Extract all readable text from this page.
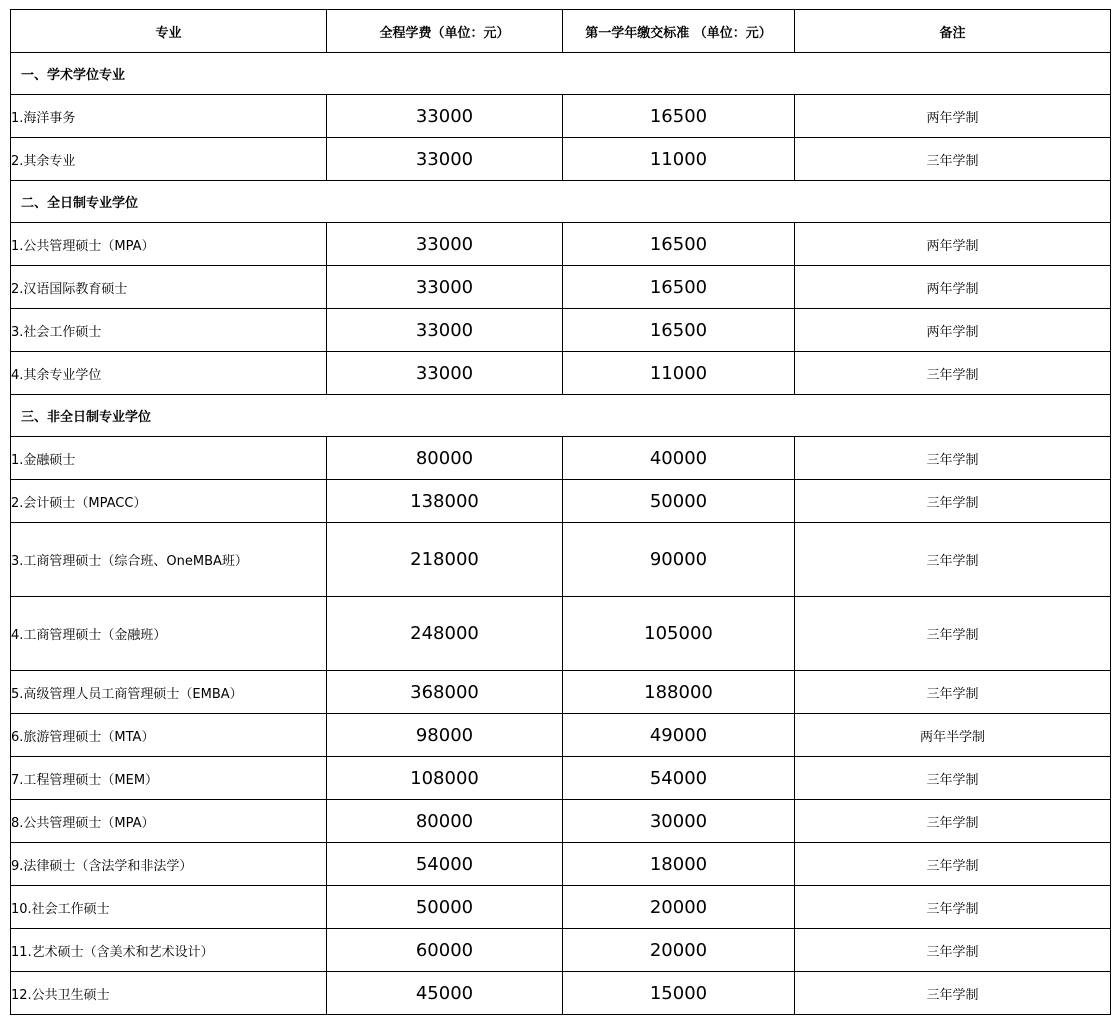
专业	全程学费（单位：元）	第一学年缴交标准 （单位：元）	备注
一、学术学位专业			
1.海洋事务	33000	16500	两年学制
2.其余专业	33000	11000	三年学制
二、全日制专业学位			
1.公共管理硕士（MPA）	33000	16500	两年学制
2.汉语国际教育硕士	33000	16500	两年学制
3.社会工作硕士	33000	16500	两年学制
4.其余专业学位	33000	11000	三年学制
三、非全日制专业学位			
1.金融硕士	80000	40000	三年学制
2.会计硕士（MPACC）	138000	50000	三年学制
3.工商管理硕士（综合班、OneMBA班）	218000	90000	三年学制
4.工商管理硕士（金融班）	248000	105000	三年学制
5.高级管理人员工商管理硕士（EMBA）	368000	188000	三年学制
6.旅游管理硕士（MTA）	98000	49000	两年半学制
7.工程管理硕士（MEM）	108000	54000	三年学制
8.公共管理硕士（MPA）	80000	30000	三年学制
9.法律硕士（含法学和非法学）	54000	18000	三年学制
10.社会工作硕士	50000	20000	三年学制
11.艺术硕士（含美术和艺术设计）	60000	20000	三年学制
12.公共卫生硕士	45000	15000	三年学制
